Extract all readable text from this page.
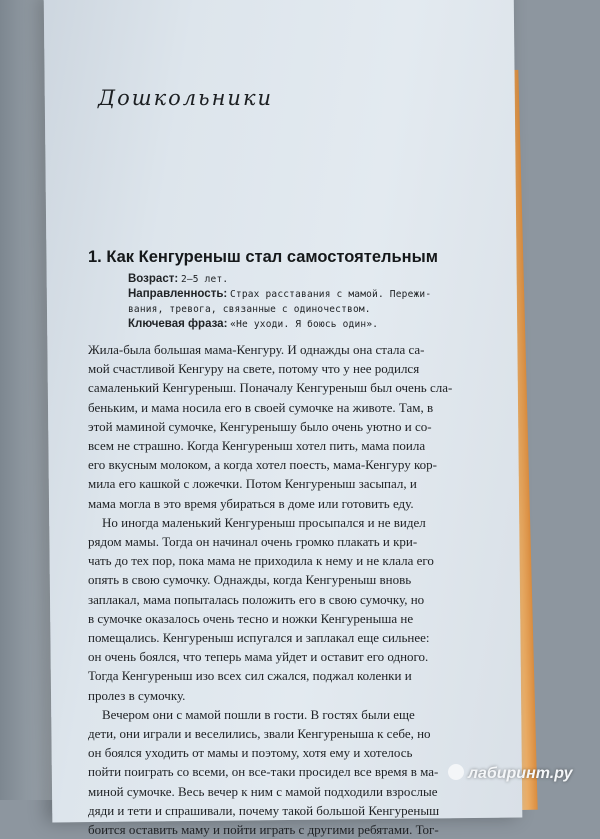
Дошкольники
1. Как Кенгуреныш стал самостоятельным
Возраст: 2–5 лет.
Направленность: Страх расставания с мамой. Пережи-
вания, тревога, связанные с одиночеством.
Ключевая фраза: «Не уходи. Я боюсь один».
Жила-была большая мама-Кенгуру. И однажды она стала са-
мой счастливой Кенгуру на свете, потому что у нее родился
самаленький Кенгуреныш. Поначалу Кенгуреныш был очень сла-
беньким, и мама носила его в своей сумочке на животе. Там, в
этой маминой сумочке, Кенгуренышу было очень уютно и со-
всем не страшно. Когда Кенгуреныш хотел пить, мама поила
его вкусным молоком, а когда хотел поесть, мама-Кенгуру кор-
мила его кашкой с ложечки. Потом Кенгуреныш засыпал, и
мама могла в это время убираться в доме или готовить еду.
Но иногда маленький Кенгуреныш просыпался и не видел
рядом мамы. Тогда он начинал очень громко плакать и кри-
чать до тех пор, пока мама не приходила к нему и не клала его
опять в свою сумочку. Однажды, когда Кенгуреныш вновь
заплакал, мама попыталась положить его в свою сумочку, но
в сумочке оказалось очень тесно и ножки Кенгуреныша не
помещались. Кенгуреныш испугался и заплакал еще сильнее:
он очень боялся, что теперь мама уйдет и оставит его одного.
Тогда Кенгуреныш изо всех сил сжался, поджал коленки и
пролез в сумочку.
Вечером они с мамой пошли в гости. В гостях были еще
дети, они играли и веселились, звали Кенгуреныша к себе, но
он боялся уходить от мамы и поэтому, хотя ему и хотелось
пойти поиграть со всеми, он все-таки просидел все время в ма-
миной сумочке. Весь вечер к ним с мамой подходили взрослые
дяди и тети и спрашивали, почему такой большой Кенгуреныш
боится оставить маму и пойти играть с другими ребятами. Тог-
лабиринт.ру
